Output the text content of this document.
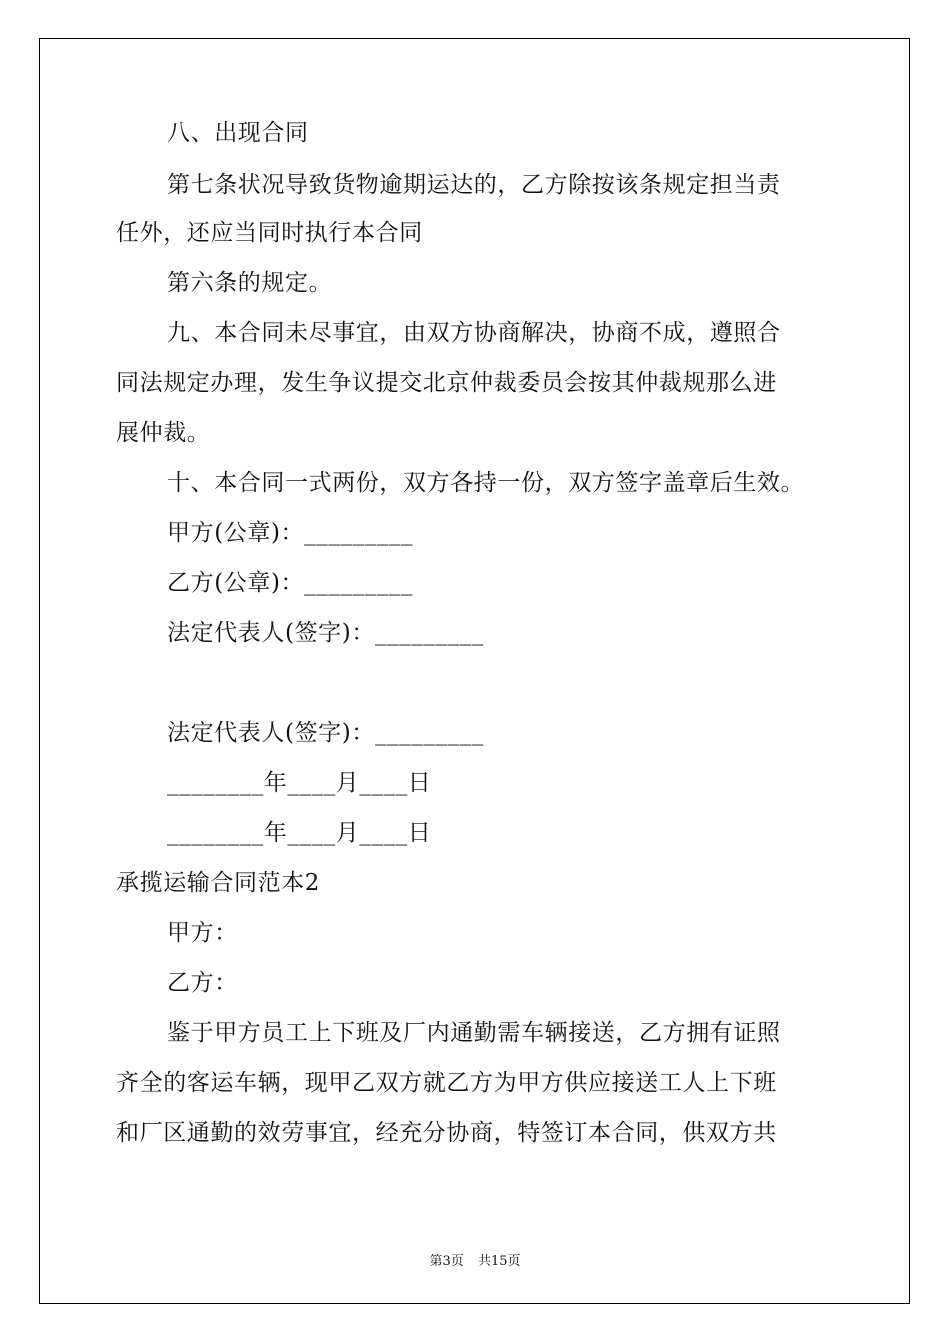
八、出现合同
第七条状况导致货物逾期运达的，乙方除按该条规定担当责
任外，还应当同时执行本合同
第六条的规定。
九、本合同未尽事宜，由双方协商解决，协商不成，遵照合
同法规定办理，发生争议提交北京仲裁委员会按其仲裁规那么进
展仲裁。
十、本合同一式两份，双方各持一份，双方签字盖章后生效。
甲方(公章)：_________
乙方(公章)：_________
法定代表人(签字)：_________
法定代表人(签字)：_________
________年____月____日
________年____月____日
承揽运输合同范本2
甲方：
乙方：
鉴于甲方员工上下班及厂内通勤需车辆接送，乙方拥有证照
齐全的客运车辆，现甲乙双方就乙方为甲方供应接送工人上下班
和厂区通勤的效劳事宜，经充分协商，特签订本合同，供双方共
第3页 共15页
